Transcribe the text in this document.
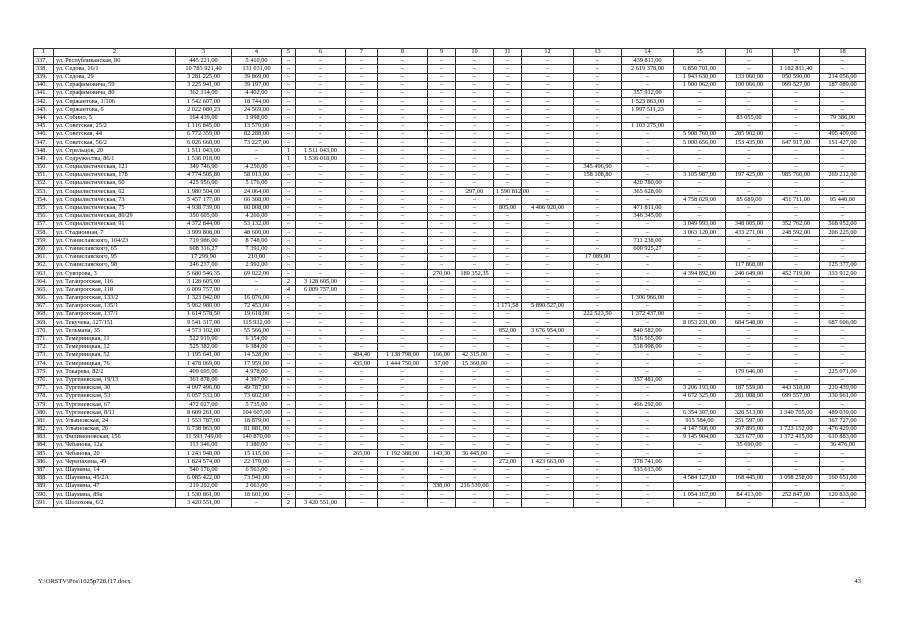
1	2	3	4	5	6	7	8	9	10	11	12	13	14	15	16	17	18
337.	ул. Республиканская, 86	445 221,00	5 410,00	–	–	–	–	–	–	–	–	–	439 811,00	–	–	–	–
338.	ул. Седова, 16/1	10 783 921,40	131 031,00	–	–	–	–	–	–	–	–	–	2 619 378,00	6 850 701,00	–	1 182 811,40	–
339.	ул. Седова, 29	3 281 225,00	39 869,00	–	–	–	–	–	–	–	–	–	–	1 943 630,00	133 060,00	950 590,00	214 056,00
340.	ул. Серафимовича, 59	3 225 941,00	39 197,00	–	–	–	–	–	–	–	–	–	–	1 900 062,00	100 066,00	999 527,00	187 089,00
341.	ул. Серафимовича, 80	362 314,00	4 402,00	–	–	–	–	–	–	–	–	–	357 912,00	–	–	–	–
342.	ул. Сержантова, 1/106	1 542 607,00	18 744,00	–	–	–	–	–	–	–	–	–	1 523 863,00	–	–	–	–
343.	ул. Сержантова, 6	2 022 080,23	24 569,00	–	–	–	–	–	–	–	–	–	1 997 511,23	–	–	–	–
344.	ул. Собино, 5	164 439,00	1 998,00	–	–	–	–	–	–	–	–	–	–	–	83 055,00	–	79 386,00
345.	ул. Советская, 25/2	1 116 845,00	13 570,00	–	–	–	–	–	–	–	–	–	1 103 275,00	–	–	–	–
346.	ул. Советская, 44	6 772 359,00	82 288,00	–	–	–	–	–	–	–	–	–	–	5 908 760,00	285 902,00	–	495 409,00
347.	ул. Советская, 56/2	6 026 660,00	73 227,00	–	–	–	–	–	–	–	–	–	–	5 000 656,00	153 435,00	647 917,00	151 427,00
348.	ул. Стрельцов, 20	1 511 043,00	–	1	1 511 043,00	–	–	–	–	–	–	–	–	–	–	–	–
349.	ул. Содружества, 86/1	1 536 018,00	–	1	1 536 018,00	–	–	–	–	–	–	–	–	–	–	–	–
350.	ул. Социалистическая, 121	349 746,90	4 250,00	–	–	–	–	–	–	–	–	345 496,90	–	–	–	–	–
351.	ул. Социалистическая, 178	4 774 505,80	58 013,00	–	–	–	–	–	–	–	–	158 108,80	–	3 105 987,00	197 425,00	985 760,00	269 212,00
352.	ул. Социалистическая, 60	425 956,00	5 176,00	–	–	–	–	–	–	–	–	–	420 780,00	–	–	–	–
353.	ул. Социалистическая, 62	1 980 504,00	24 064,00	–	–	–	–	–	297,00	1 590 812,00	–	–	365 628,00	–	–	–	–
354.	ул. Социалистическая, 73	5 457 177,00	66 308,00	–	–	–	–	–	–	–	–	–	–	4 758 029,00	85 689,00	451 711,00	95 440,00
355.	ул. Социалистическая, 75	4 938 739,00	60 008,00	–	–	–	–	–	–	805,00	4 406 920,00	–	471 811,00	–	–	–	–
356.	ул. Социалистическая, 80/29	350 605,00	4 260,00	–	–	–	–	–	–	–	–	–	346 345,00	–	–	–	–
357.	ул. Социалистическая, 91	4 372 844,00	53 132,00	–	–	–	–	–	–	–	–	–	–	3 049 993,00	348 005,00	352 762,00	568 952,00
358.	ул. Стадионная, 7	3 999 808,00	48 600,00	–	–	–	–	–	–	–	–	–	–	3 063 120,00	433 271,00	248 592,00	206 225,00
359.	ул. Станиславского, 104/23	719 986,00	8 748,00	–	–	–	–	–	–	–	–	–	711 238,00	–	–	–	–
360.	ул. Станиславского, 65	608 316,27	7 391,00	–	–	–	–	–	–	–	–	–	600 925,27	–	–	–	–
361.	ул. Станиславского, 95	17 299,90	210,00	–	–	–	–	–	–	–	–	17 089,90	–	–	–	–	–
362.	ул. Станиславского, 98	246 237,00	2 992,00	–	–	–	–	–	–	–	–	–	–	–	117 868,00	–	125 377,00
363.	ул. Суворова, 3	5 680 546,35	69 022,00	–	–	–	–	270,00	189 352,35	–	–	–	–	4 394 892,00	240 649,00	452 719,00	333 912,00
364.	ул. Таганрогская, 116	3 128 605,00	–	2	3 128 605,00	–	–	–	–	–	–	–	–	–	–	–	–
365.	ул. Таганрогская, 118	6 009 757,00	–	4	6 009 757,00	–	–	–	–	–	–	–	–	–	–	–	–
366.	ул. Таганрогская, 133/2	1 323 042,00	16 076,00	–	–	–	–	–	–	–	–	–	1 306 966,00	–	–	–	–
367.	ул. Таганрогская, 135/1	5 962 980,00	72 453,00	–	–	–	–	–	–	1 171,58	5 890 527,00	–	–	–	–	–	–
368.	ул. Таганрогская, 137/1	1 614 578,50	19 618,00	–	–	–	–	–	–	–	–	222 523,50	1 372 437,00	–	–	–	–
369.	ул. Текучева, 127/151	9 541 317,00	115 932,00	–	–	–	–	–	–	–	–	–	–	8 053 231,00	684 548,00	–	687 606,00
370.	ул. Тельмана, 35	4 573 102,00	55 566,00	–	–	–	–	–	–	852,00	3 676 954,00	–	840 582,00	–	–	–	–
371.	ул. Темерницкая, 11	522 919,00	6 354,00	–	–	–	–	–	–	–	–	–	516 565,00	–	–	–	–
372.	ул. Темерницкая, 12	525 382,00	6 384,00	–	–	–	–	–	–	–	–	–	518 998,00	–	–	–	–
373.	ул. Темерницкая, 52	1 195 641,00	14 528,00	–	–	484,40	1 138 798,00	166,00	42 315,00	–	–	–	–	–	–	–	–
374.	ул. Темерницкая, 76	1 478 069,00	17 959,00	–	–	435,00	1 444 750,00	57,00	15 360,00	–	–	–	–	–	–	–	–
375.	ул. Токарева, 82/2	409 695,00	4 978,00	–	–	–	–	–	–	–	–	–	–	–	179 646,00	–	225 071,00
376.	ул. Тургеневская, 19/13	361 878,00	4 397,00	–	–	–	–	–	–	–	–	–	357 481,00	–	–	–	–
377.	ул. Тургеневская, 30	4 097 496,00	49 787,00	–	–	–	–	–	–	–	–	–	–	3 206 193,00	187 559,00	443 518,00	210 439,00
378.	ул. Тургеневская, 53	6 057 533,00	73 602,00	–	–	–	–	–	–	–	–	–	–	4 672 325,00	281 088,00	699 557,00	330 961,00
379.	ул. Тургеневская, 67	472 027,00	5 735,00	–	–	–	–	–	–	–	–	–	466 292,00	–	–	–	–
380.	ул. Тургеневская, 8/11	8 609 261,00	104 607,00	–	–	–	–	–	–	–	–	–	–	6 354 307,00	320 513,00	1 340 705,00	489 039,00
381.	ул. Ульяновская, 24	1 553 787,00	18 879,00	–	–	–	–	–	–	–	–	–	–	915 584,00	251 597,00	–	367 727,00
382.	ул. Ульяновская, 26	6 738 863,00	81 881,00	–	–	–	–	–	–	–	–	–	–	4 147 506,00	307 895,00	1 723 152,00	476 429,00
383.	ул. Филимоновская, 156	11 593 749,00	140 870,00	–	–	–	–	–	–	–	–	–	–	9 145 904,00	323 677,00	1 372 415,00	610 883,00
384.	ул. Чебанова, 12а	113 346,00	1 380,00	–	–	–	–	–	–	–	–	–	–	–	35 690,00	–	36 476,00
385.	ул. Чебанова, 20	1 243 948,00	15 115,00	–	–	265,00	1 192 388,00	143,30	36 445,00	–	–	–	–	–	–	–	–
386.	ул. Черепахина, 49	1 824 574,00	22 170,00	–	–	–	–	–	–	272,00	1 423 663,00	–	378 741,00	–	–	–	–
387.	ул. Шаумяна, 14	540 176,00	6 563,00	–	–	–	–	–	–	–	–	–	533 613,00	–	–	–	–
388.	ул. Шаумяна, 45/2А	6 085 422,00	73 941,00	–	–	–	–	–	–	–	–	–	–	4 584 127,00	168 445,00	1 098 258,00	160 651,00
389.	ул. Шаумяна, 47	219 202,00	2 663,00	–	–	–	–	338,00	216 539,00	–	–	–	–	–	–	–	–
390.	ул. Шаумяна, 89а	1 530 861,00	18 601,00	–	–	–	–	–	–	–	–	–	–	1 054 167,00	84 413,00	252 847,00	120 833,00
391.	ул. Шолохова, 6/2	3 420 551,00	–	2	3 420 551,00	–	–	–	–	–	–	–	–	–	–	–	–
Y:\ORSTV\Pos\1025p728.f17.docx	43
